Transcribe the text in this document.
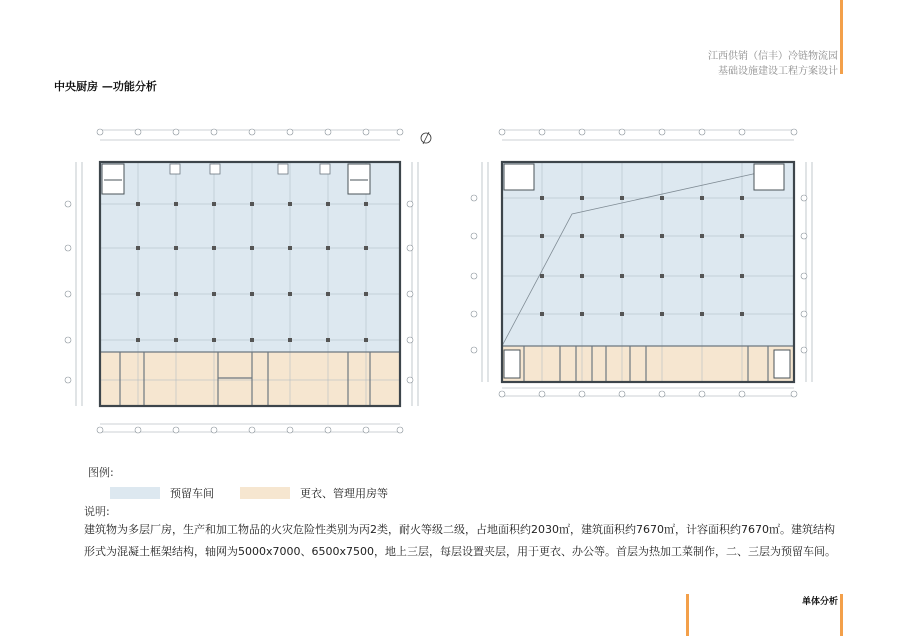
江西供销（信丰）冷链物流园
基础设施建设工程方案设计
中央厨房 —功能分析
图例:
预留车间	更衣、管理用房等
说明:
建筑物为多层厂房，生产和加工物品的火灾危险性类别为丙2类，耐火等级二级，占地面积约2030㎡，建筑面积约7670㎡，计容面积约7670㎡。建筑结构
形式为混凝土框架结构，轴网为5000x7000、6500x7500，地上三层，每层设置夹层，用于更衣、办公等。首层为热加工菜制作，二、三层为预留车间。
单体分析
